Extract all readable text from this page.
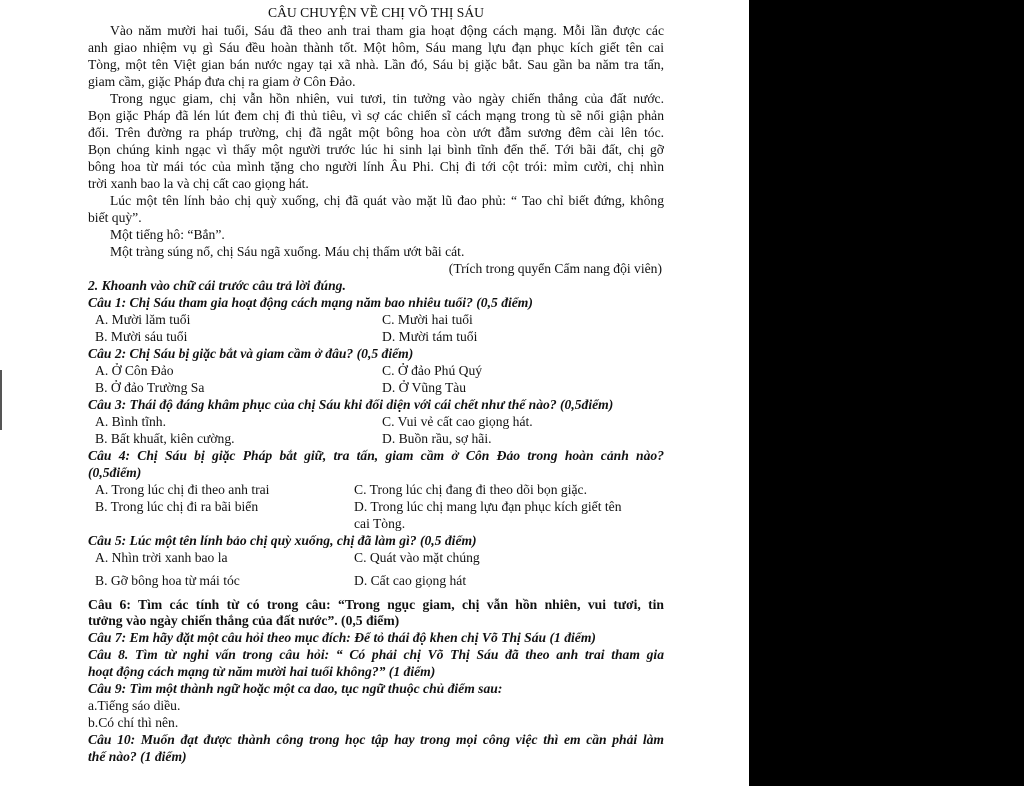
CÂU CHUYỆN VỀ CHỊ VÕ THỊ SÁU
Vào năm mười hai tuổi, Sáu đã theo anh trai tham gia hoạt động cách mạng. Mỗi lần được các
anh giao nhiệm vụ gì Sáu đều hoàn thành tốt. Một hôm, Sáu mang lựu đạn phục kích giết tên cai
Tòng, một tên Việt gian bán nước ngay tại xã nhà. Lần đó, Sáu bị giặc bắt. Sau gần ba năm tra tấn,
giam cầm, giặc Pháp đưa chị ra giam ở Côn Đảo.
Trong ngục giam, chị vẫn hồn nhiên, vui tươi, tin tưởng vào ngày chiến thắng của đất nước.
Bọn giặc Pháp đã lén lút đem chị đi thủ tiêu, vì sợ các chiến sĩ cách mạng trong tù sẽ nổi giận phản
đối. Trên đường ra pháp trường, chị đã ngắt một bông hoa còn ướt đẫm sương đêm cài lên tóc.
Bọn chúng kinh ngạc vì thấy một người trước lúc hi sinh lại bình tĩnh đến thế. Tới bãi đất, chị gỡ
bông hoa từ mái tóc của mình tặng cho người lính Âu Phi. Chị đi tới cột trói: mỉm cười, chị nhìn
trời xanh bao la và chị cất cao giọng hát.
Lúc một tên lính bảo chị quỳ xuống, chị đã quát vào mặt lũ đao phủ: “ Tao chỉ biết đứng, không
biết quỳ”.
Một tiếng hô: “Bắn”.
Một tràng súng nổ, chị Sáu ngã xuống. Máu chị thấm ướt bãi cát.
(Trích trong quyển Cẩm nang đội viên)
2. Khoanh vào chữ cái trước câu trả lời đúng.
Câu 1: Chị Sáu tham gia hoạt động cách mạng năm bao nhiêu tuổi? (0,5 điểm)
A. Mười lăm tuổi	C. Mười hai tuổi
B. Mười sáu tuổi	D. Mười tám tuổi
Câu 2: Chị Sáu bị giặc bắt và giam cầm ở đâu? (0,5 điểm)
A. Ở Côn Đảo	C. Ở đảo Phú Quý
B. Ở đảo Trường Sa	D. Ở Vũng Tàu
Câu 3: Thái độ đáng khâm phục của chị Sáu khi đối diện với cái chết như thế nào? (0,5điểm)
A. Bình tĩnh.	C. Vui vẻ cất cao giọng hát.
B. Bất khuất, kiên cường.	D. Buồn rầu, sợ hãi.
Câu 4: Chị Sáu bị giặc Pháp bắt giữ, tra tấn, giam cầm ở Côn Đảo trong hoàn cảnh nào?
(0,5điểm)
A. Trong lúc chị đi theo anh trai	C. Trong lúc chị đang đi theo dõi bọn giặc.
B. Trong lúc chị đi ra bãi biển	D. Trong lúc chị mang lựu đạn phục kích giết tên
cai Tòng.
Câu 5: Lúc một tên lính bảo chị quỳ xuống, chị đã làm gì? (0,5 điểm)
A. Nhìn trời xanh bao la	C. Quát vào mặt chúng
B. Gỡ bông hoa từ mái tóc	D. Cất cao giọng hát
Câu 6: Tìm các tính từ có trong câu: “Trong ngục giam, chị vẫn hồn nhiên, vui tươi, tin
tưởng vào ngày chiến thắng của đất nước”. (0,5 điểm)
Câu 7: Em hãy đặt một câu hỏi theo mục đích: Để tỏ thái độ khen chị Võ Thị Sáu (1 điểm)
Câu 8. Tìm từ nghi vấn trong câu hỏi: “ Có phải chị Võ Thị Sáu đã theo anh trai tham gia
hoạt động cách mạng từ năm mười hai tuổi không?” (1 điểm)
Câu 9: Tìm một thành ngữ hoặc một ca dao, tục ngữ thuộc chủ điểm sau:
a.Tiếng sáo diều.
b.Có chí thì nên.
Câu 10: Muốn đạt được thành công trong học tập hay trong mọi công việc thì em cần phải làm
thế nào? (1 điểm)
